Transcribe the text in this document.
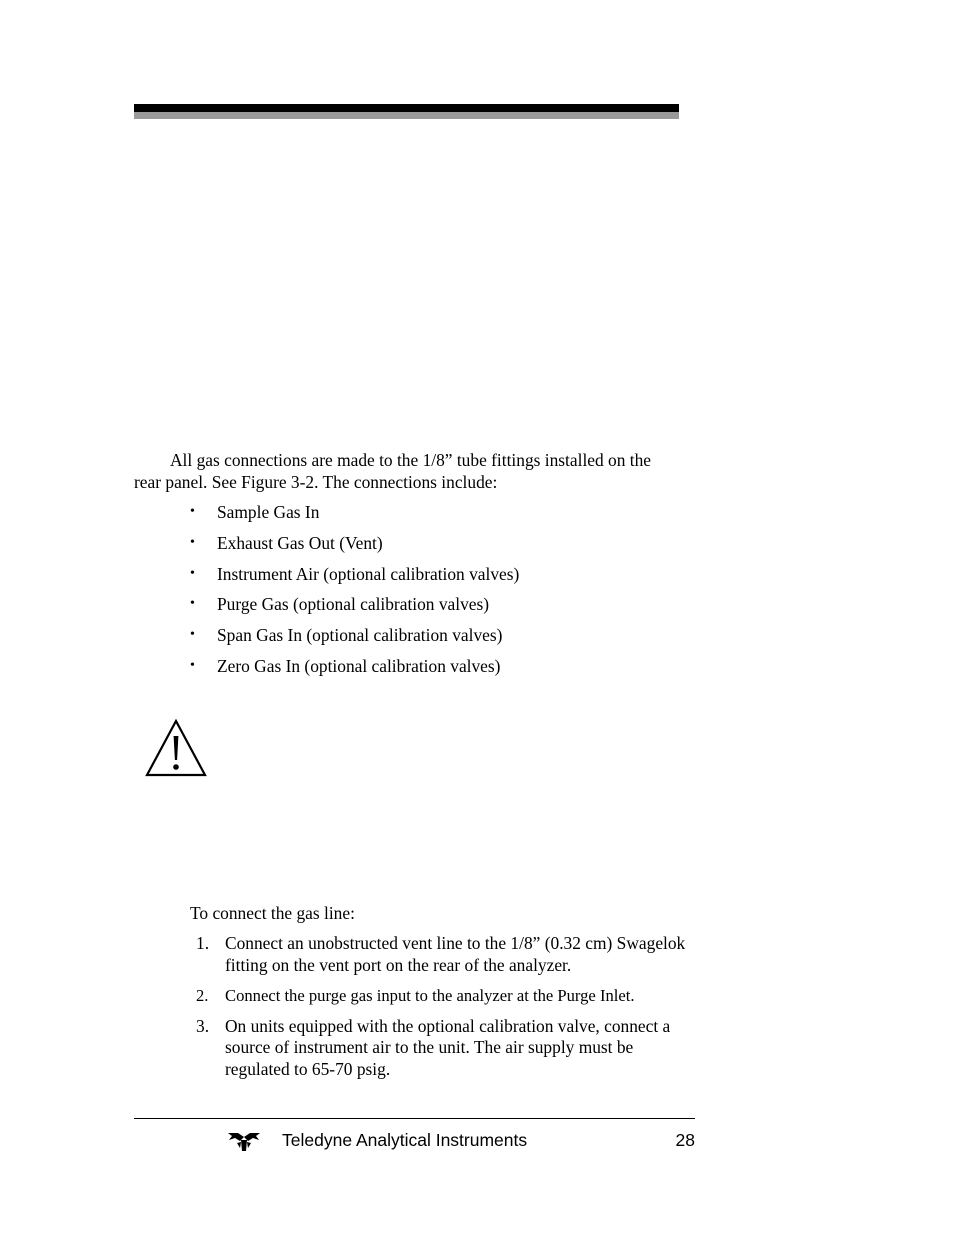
All gas connections are made to the 1/8” tube fittings installed on the rear panel. See Figure 3-2. The connections include:

• Sample Gas In
• Exhaust Gas Out (Vent)
• Instrument Air (optional calibration valves)
• Purge Gas (optional calibration valves)
• Span Gas In (optional calibration valves)
• Zero Gas In (optional calibration valves)

To connect the gas line:

1. Connect an unobstructed vent line to the 1/8” (0.32 cm) Swagelok fitting on the vent port on the rear of the analyzer.
2. Connect the purge gas input to the analyzer at the Purge Inlet.
3. On units equipped with the optional calibration valve, connect a source of instrument air to the unit. The air supply must be regulated to 65-70 psig.
Teledyne Analytical Instruments	28
